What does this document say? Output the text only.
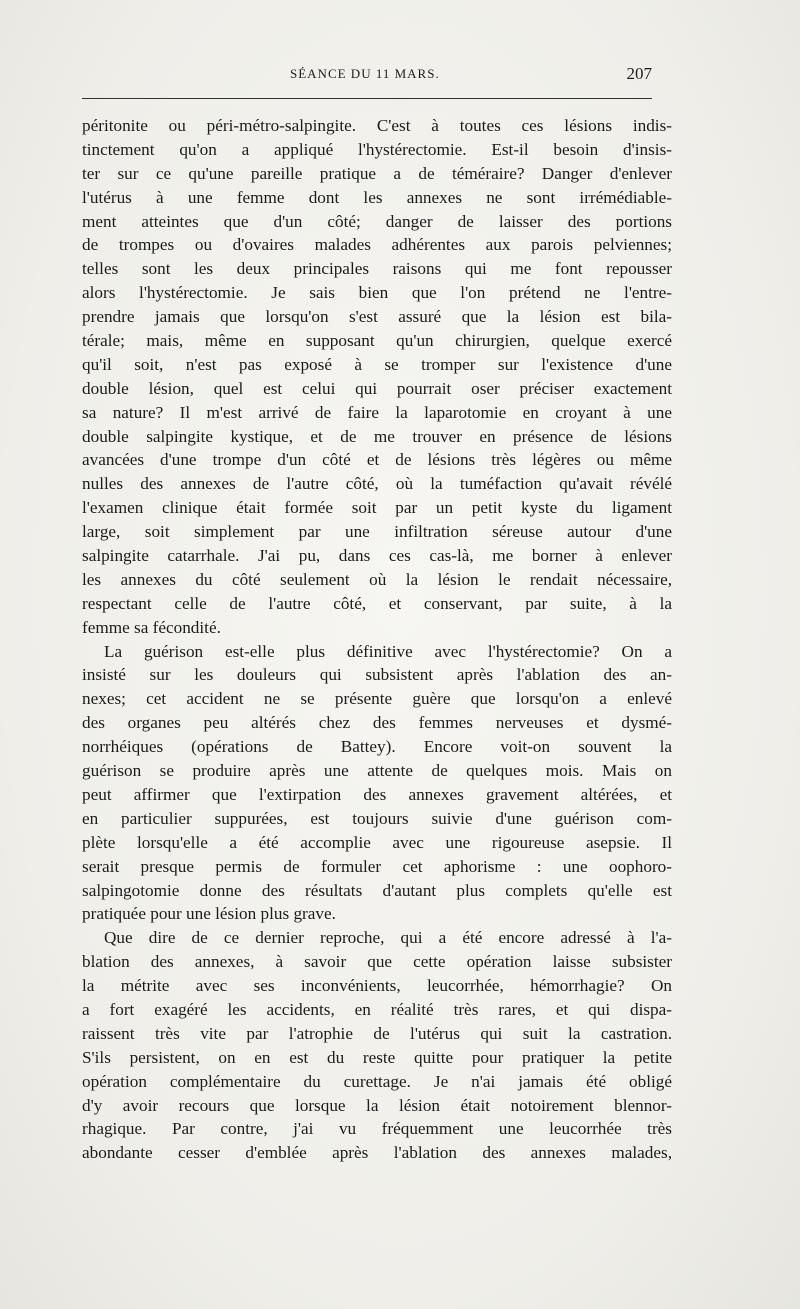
SÉANCE DU 11 MARS.	207
péritonite ou péri-métro-salpingite. C'est à toutes ces lésions indis-
tinctement qu'on a appliqué l'hystérectomie. Est-il besoin d'insis-
ter sur ce qu'une pareille pratique a de téméraire? Danger d'enlever
l'utérus à une femme dont les annexes ne sont irrémédiable-
ment atteintes que d'un côté; danger de laisser des portions
de trompes ou d'ovaires malades adhérentes aux parois pelviennes;
telles sont les deux principales raisons qui me font repousser
alors l'hystérectomie. Je sais bien que l'on prétend ne l'entre-
prendre jamais que lorsqu'on s'est assuré que la lésion est bila-
térale; mais, même en supposant qu'un chirurgien, quelque exercé
qu'il soit, n'est pas exposé à se tromper sur l'existence d'une
double lésion, quel est celui qui pourrait oser préciser exactement
sa nature? Il m'est arrivé de faire la laparotomie en croyant à une
double salpingite kystique, et de me trouver en présence de lésions
avancées d'une trompe d'un côté et de lésions très légères ou même
nulles des annexes de l'autre côté, où la tuméfaction qu'avait révélé
l'examen clinique était formée soit par un petit kyste du ligament
large, soit simplement par une infiltration séreuse autour d'une
salpingite catarrhale. J'ai pu, dans ces cas-là, me borner à enlever
les annexes du côté seulement où la lésion le rendait nécessaire,
respectant celle de l'autre côté, et conservant, par suite, à la
femme sa fécondité.
La guérison est-elle plus définitive avec l'hystérectomie? On a
insisté sur les douleurs qui subsistent après l'ablation des an-
nexes; cet accident ne se présente guère que lorsqu'on a enlevé
des organes peu altérés chez des femmes nerveuses et dysmé-
norrhéiques (opérations de Battey). Encore voit-on souvent la
guérison se produire après une attente de quelques mois. Mais on
peut affirmer que l'extirpation des annexes gravement altérées, et
en particulier suppurées, est toujours suivie d'une guérison com-
plète lorsqu'elle a été accomplie avec une rigoureuse asepsie. Il
serait presque permis de formuler cet aphorisme : une oophoro-
salpingotomie donne des résultats d'autant plus complets qu'elle est
pratiquée pour une lésion plus grave.
Que dire de ce dernier reproche, qui a été encore adressé à l'a-
blation des annexes, à savoir que cette opération laisse subsister
la métrite avec ses inconvénients, leucorrhée, hémorrhagie? On
a fort exagéré les accidents, en réalité très rares, et qui dispa-
raissent très vite par l'atrophie de l'utérus qui suit la castration.
S'ils persistent, on en est du reste quitte pour pratiquer la petite
opération complémentaire du curettage. Je n'ai jamais été obligé
d'y avoir recours que lorsque la lésion était notoirement blennor-
rhagique. Par contre, j'ai vu fréquemment une leucorrhée très
abondante cesser d'emblée après l'ablation des annexes malades,
